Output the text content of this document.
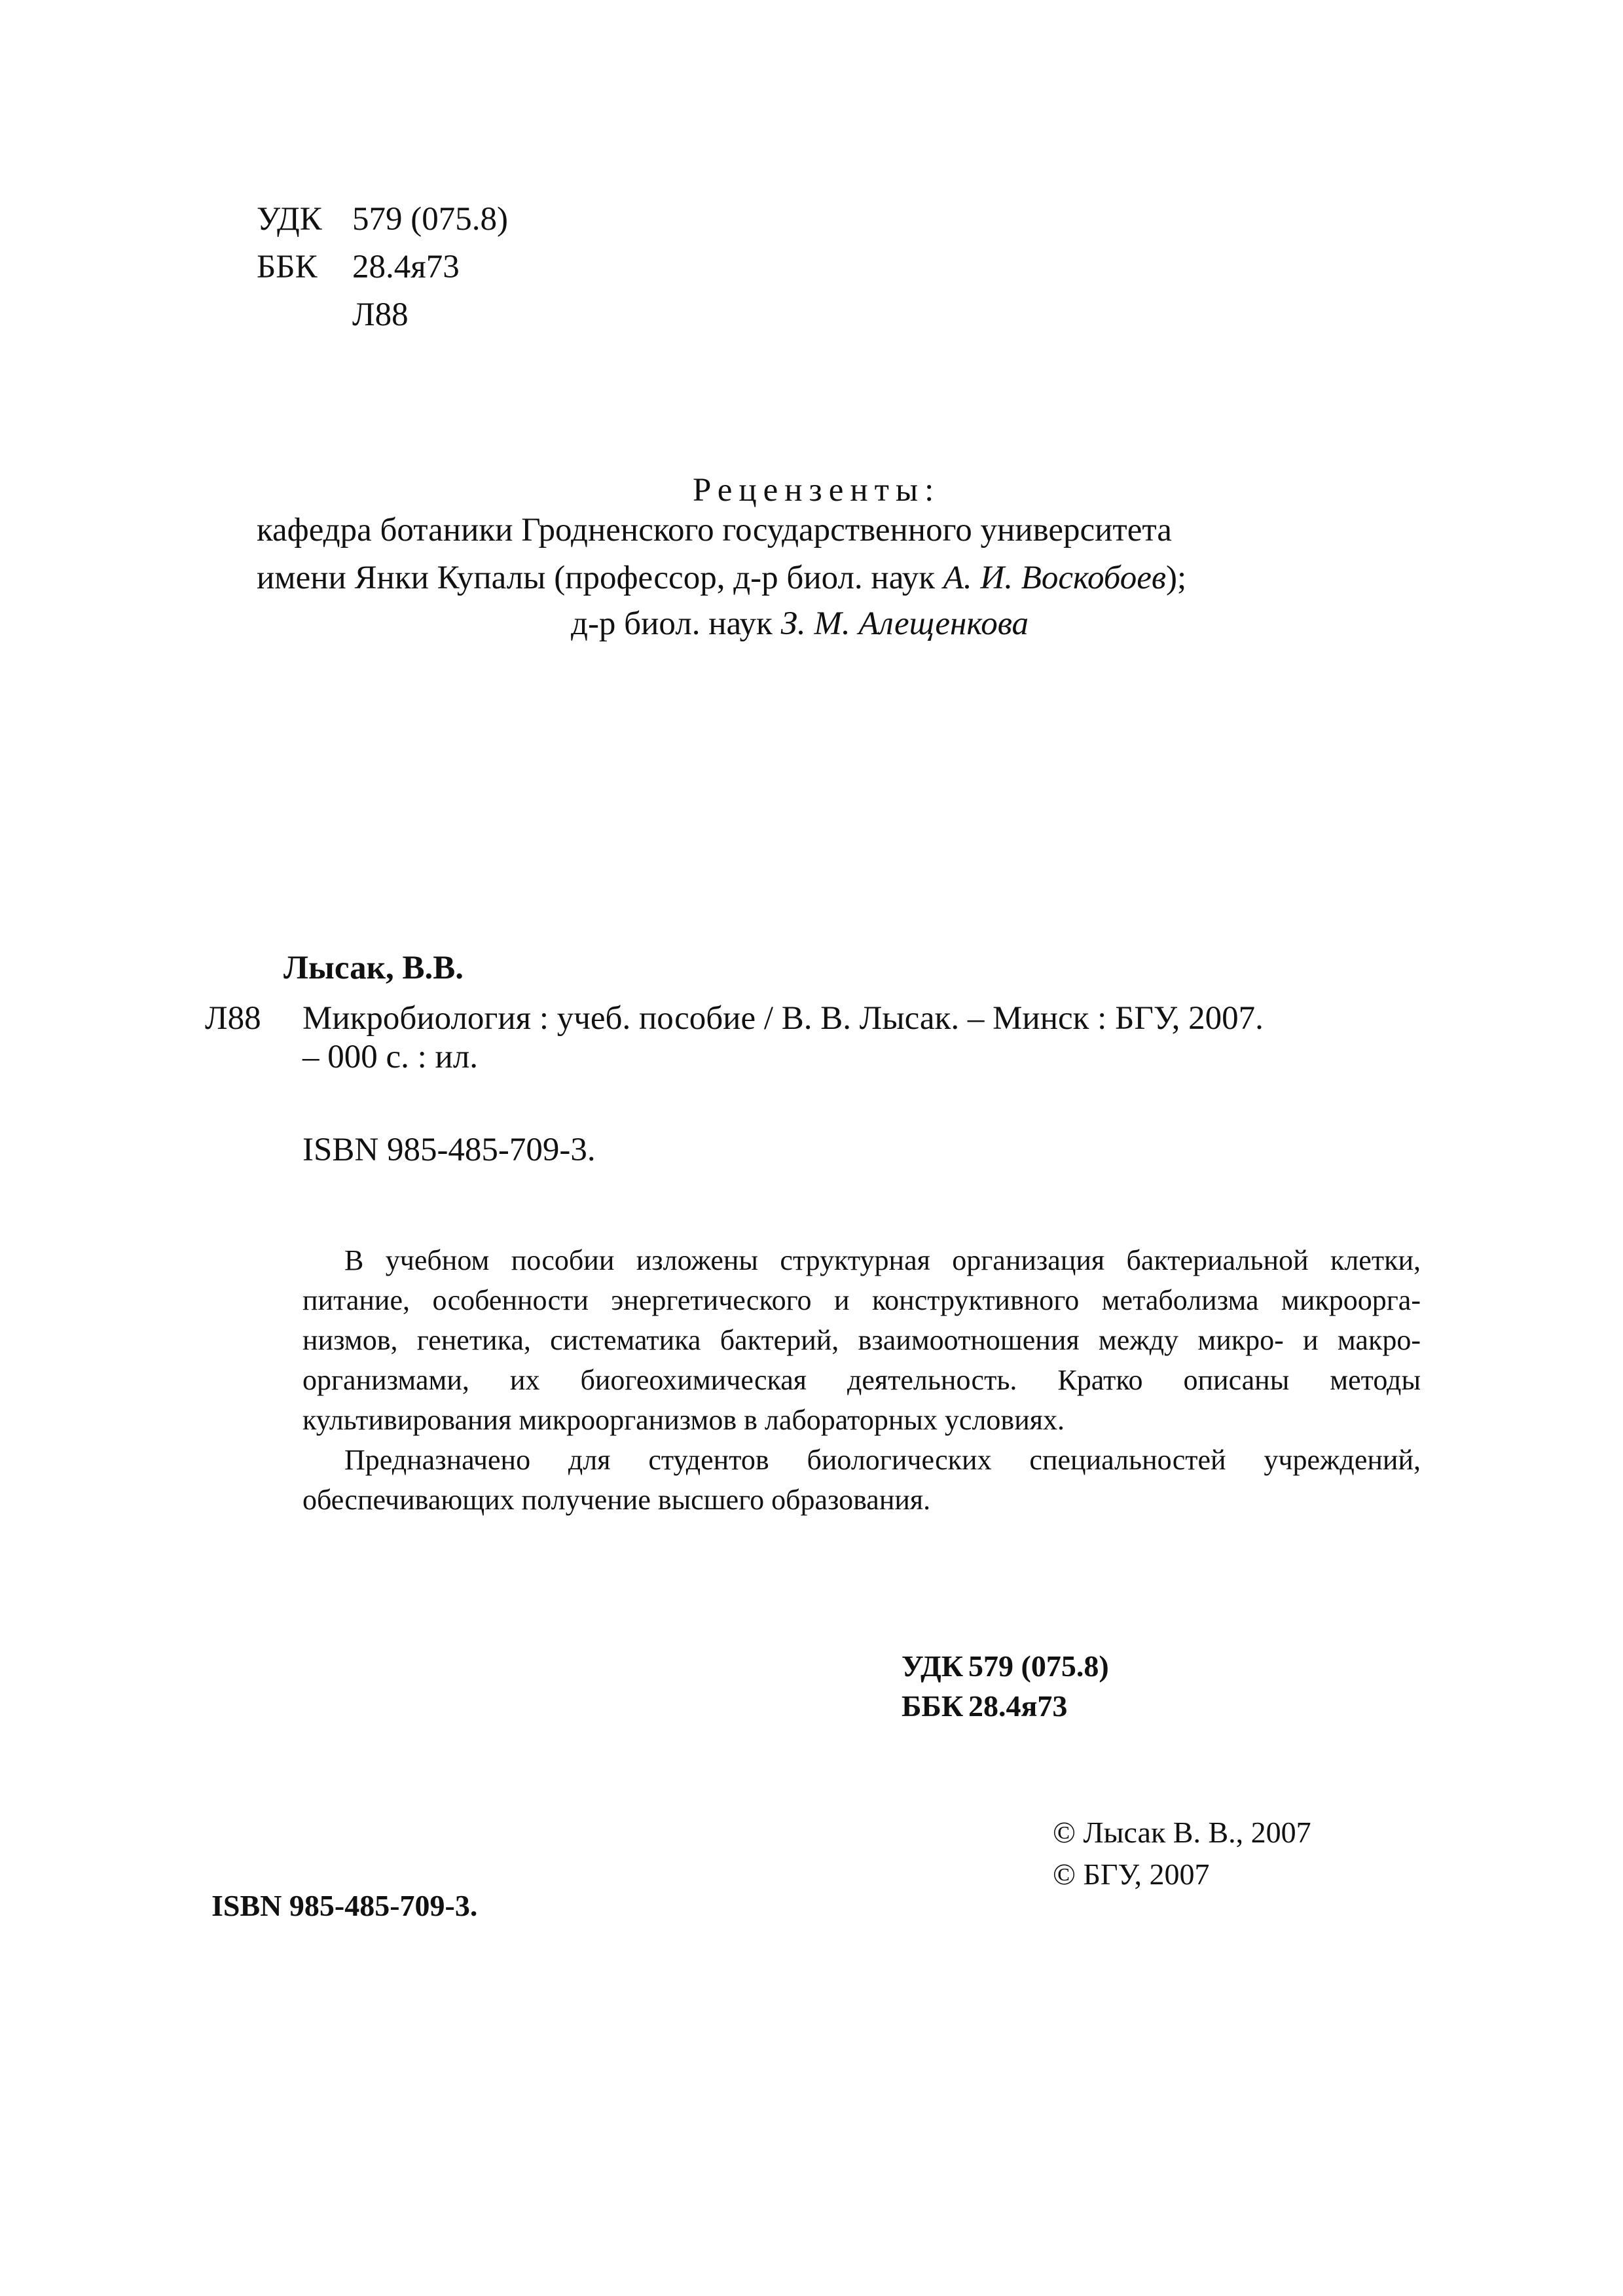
УДК 579 (075.8)
ББК 28.4я73
Л88
Рецензенты:
кафедра ботаники Гродненского государственного университета
имени Янки Купалы (профессор, д-р биол. наук А. И. Воскобоев);
д-р биол. наук З. М. Алещенкова
Лысак, В.В.
Л88 Микробиология : учеб. пособие / В. В. Лысак. – Минск : БГУ, 2007.
– 000 с. : ил.
ISBN 985-485-709-3.

В учебном пособии изложены структурная организация бактериальной клетки, питание, особенности энергетического и конструктивного метаболизма микроорга-низмов, генетика, систематика бактерий, взаимоотношения между микро- и макро-организмами, их биогеохимическая деятельность. Кратко описаны методы культивирования микроорганизмов в лабораторных условиях.

Предназначено для студентов биологических специальностей учреждений, обеспечивающих получение высшего образования.

УДК 579 (075.8)
ББК 28.4я73
© Лысак В. В., 2007
© БГУ, 2007
ISBN 985-485-709-3.
